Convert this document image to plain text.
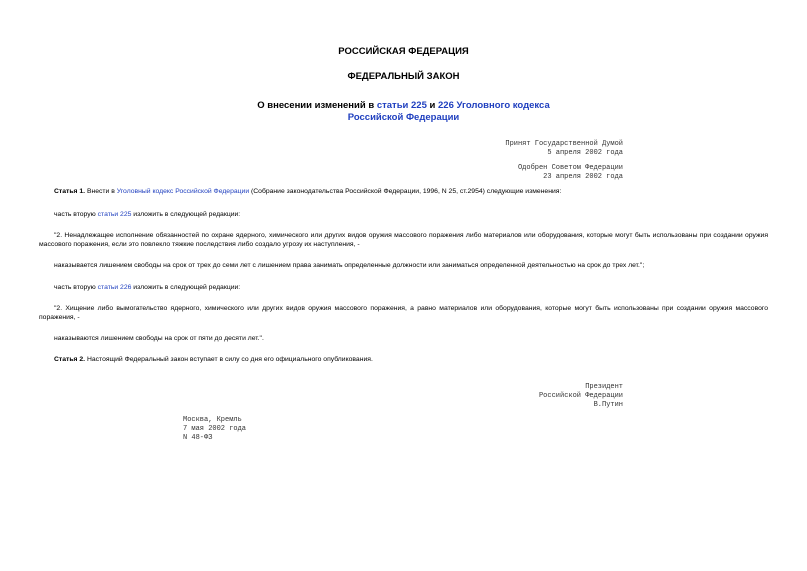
РОССИЙСКАЯ ФЕДЕРАЦИЯ
ФЕДЕРАЛЬНЫЙ ЗАКОН
О внесении изменений в статьи 225 и 226 Уголовного кодекса
Российской Федерации
Принят Государственной Думой
5 апреля 2002 года
Одобрен Советом Федерации
23 апреля 2002 года

Статья 1. Внести в Уголовный кодекс Российской Федерации (Собрание законодательства Российской Федерации, 1996, N 25, ст.2954) следующие изменения:

часть вторую статьи 225 изложить в следующей редакции:

"2. Ненадлежащее исполнение обязанностей по охране ядерного, химического или других видов оружия массового поражения либо материалов или оборудования, которые могут быть использованы при создании оружия массового поражения, если это повлекло тяжкие последствия либо создало угрозу их наступления, -

наказывается лишением свободы на срок от трех до семи лет с лишением права занимать определенные должности или заниматься определенной деятельностью на срок до трех лет.";

часть вторую статьи 226 изложить в следующей редакции:

"2. Хищение либо вымогательство ядерного, химического или других видов оружия массового поражения, а равно материалов или оборудования, которые могут быть использованы при создании оружия массового поражения, -

наказываются лишением свободы на срок от пяти до десяти лет.".

Статья 2. Настоящий Федеральный закон вступает в силу со дня его официального опубликования.

Президент
Российской Федерации
В.Путин
Москва, Кремль
7 мая 2002 года
N 48-ФЗ
